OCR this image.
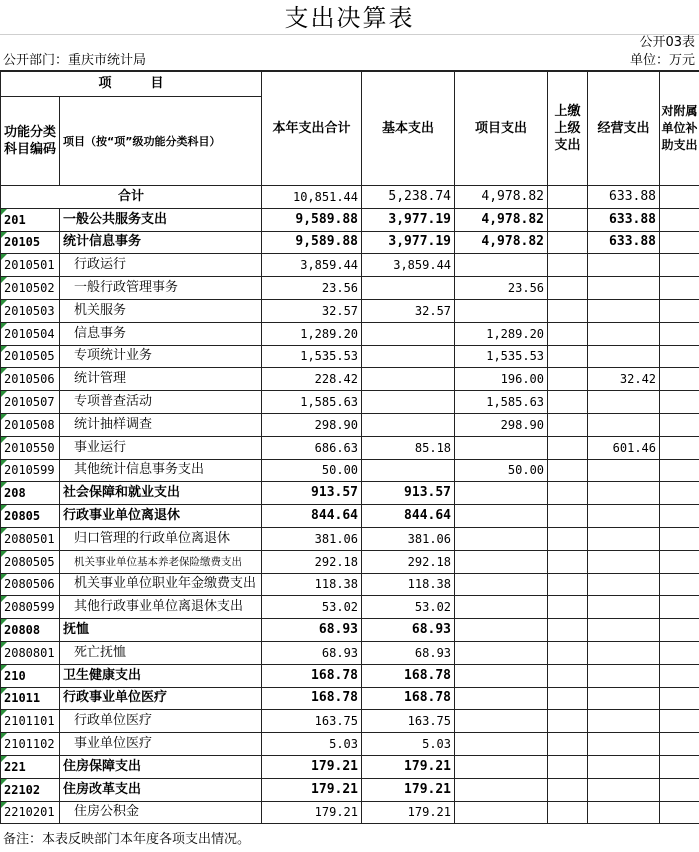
支出决算表
公开03表
公开部门：重庆市统计局	单位：万元
项　　　目		本年支出合计	基本支出	项目支出	上缴上级支出	经营支出	对附属单位补助支出
功能分类科目编码	项目（按“项”级功能分类科目）						
合计		10,851.44	5,238.74	4,978.82		633.88	
201	一般公共服务支出	9,589.88	3,977.19	4,978.82		633.88	
20105	统计信息事务	9,589.88	3,977.19	4,978.82		633.88	
2010501	行政运行	3,859.44	3,859.44				
2010502	一般行政管理事务	23.56		23.56			
2010503	机关服务	32.57	32.57				
2010504	信息事务	1,289.20		1,289.20			
2010505	专项统计业务	1,535.53		1,535.53			
2010506	统计管理	228.42		196.00		32.42	
2010507	专项普查活动	1,585.63		1,585.63			
2010508	统计抽样调查	298.90		298.90			
2010550	事业运行	686.63	85.18			601.46	
2010599	其他统计信息事务支出	50.00		50.00			
208	社会保障和就业支出	913.57	913.57				
20805	行政事业单位离退休	844.64	844.64				
2080501	归口管理的行政单位离退休	381.06	381.06				
2080505	机关事业单位基本养老保险缴费支出	292.18	292.18				
2080506	机关事业单位职业年金缴费支出	118.38	118.38				
2080599	其他行政事业单位离退休支出	53.02	53.02				
20808	抚恤	68.93	68.93				
2080801	死亡抚恤	68.93	68.93				
210	卫生健康支出	168.78	168.78				
21011	行政事业单位医疗	168.78	168.78				
2101101	行政单位医疗	163.75	163.75				
2101102	事业单位医疗	5.03	5.03				
221	住房保障支出	179.21	179.21				
22102	住房改革支出	179.21	179.21				
2210201	住房公积金	179.21	179.21				
备注：本表反映部门本年度各项支出情况。
